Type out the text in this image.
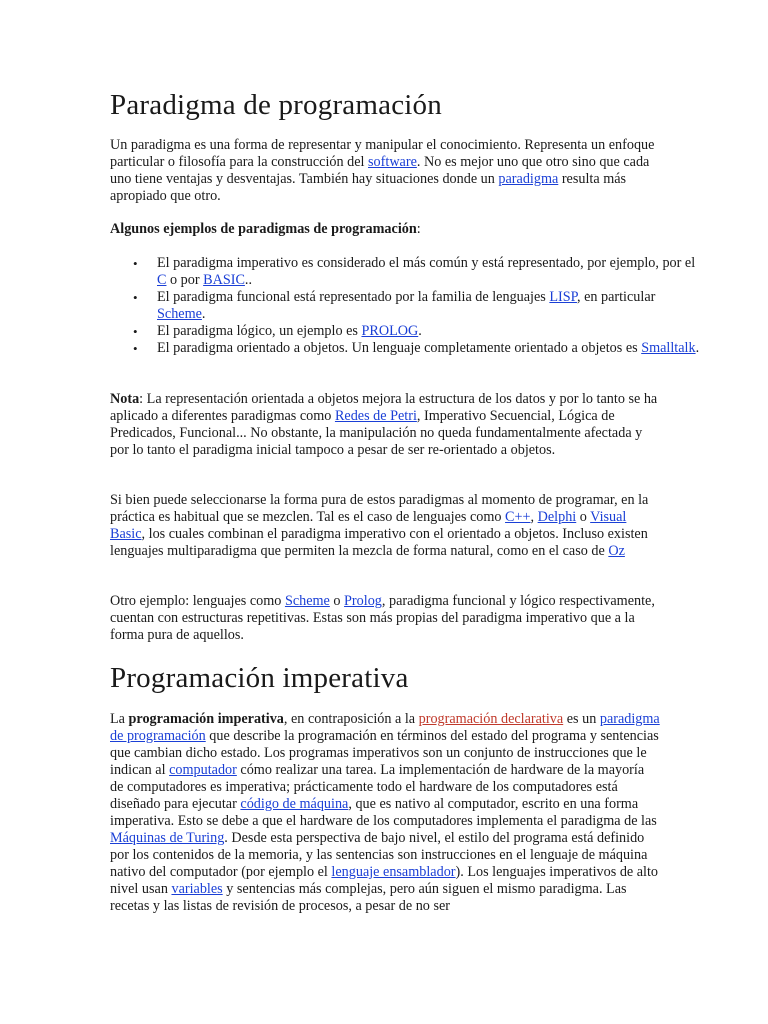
Paradigma de programación

Un paradigma es una forma de representar y manipular el conocimiento. Representa un enfoque particular o filosofía para la construcción del software. No es mejor uno que otro sino que cada uno tiene ventajas y desventajas. También hay situaciones donde un paradigma resulta más apropiado que otro.

Algunos ejemplos de paradigmas de programación:

• El paradigma imperativo es considerado el más común y está representado, por ejemplo, por el C o por BASIC..
• El paradigma funcional está representado por la familia de lenguajes LISP, en particular Scheme.
• El paradigma lógico, un ejemplo es PROLOG.
• El paradigma orientado a objetos. Un lenguaje completamente orientado a objetos es Smalltalk.

Nota: La representación orientada a objetos mejora la estructura de los datos y por lo tanto se ha aplicado a diferentes paradigmas como Redes de Petri, Imperativo Secuencial, Lógica de Predicados, Funcional... No obstante, la manipulación no queda fundamentalmente afectada y por lo tanto el paradigma inicial tampoco a pesar de ser re-orientado a objetos.

Si bien puede seleccionarse la forma pura de estos paradigmas al momento de programar, en la práctica es habitual que se mezclen. Tal es el caso de lenguajes como C++, Delphi o Visual Basic, los cuales combinan el paradigma imperativo con el orientado a objetos. Incluso existen lenguajes multiparadigma que permiten la mezcla de forma natural, como en el caso de Oz

Otro ejemplo: lenguajes como Scheme o Prolog, paradigma funcional y lógico respectivamente, cuentan con estructuras repetitivas. Estas son más propias del paradigma imperativo que a la forma pura de aquellos.

Programación imperativa

La programación imperativa, en contraposición a la programación declarativa es un paradigma de programación que describe la programación en términos del estado del programa y sentencias que cambian dicho estado. Los programas imperativos son un conjunto de instrucciones que le indican al computador cómo realizar una tarea. La implementación de hardware de la mayoría de computadores es imperativa; prácticamente todo el hardware de los computadores está diseñado para ejecutar código de máquina, que es nativo al computador, escrito en una forma imperativa. Esto se debe a que el hardware de los computadores implementa el paradigma de las Máquinas de Turing. Desde esta perspectiva de bajo nivel, el estilo del programa está definido por los contenidos de la memoria, y las sentencias son instrucciones en el lenguaje de máquina nativo del computador (por ejemplo el lenguaje ensamblador). Los lenguajes imperativos de alto nivel usan variables y sentencias más complejas, pero aún siguen el mismo paradigma. Las recetas y las listas de revisión de procesos, a pesar de no ser
